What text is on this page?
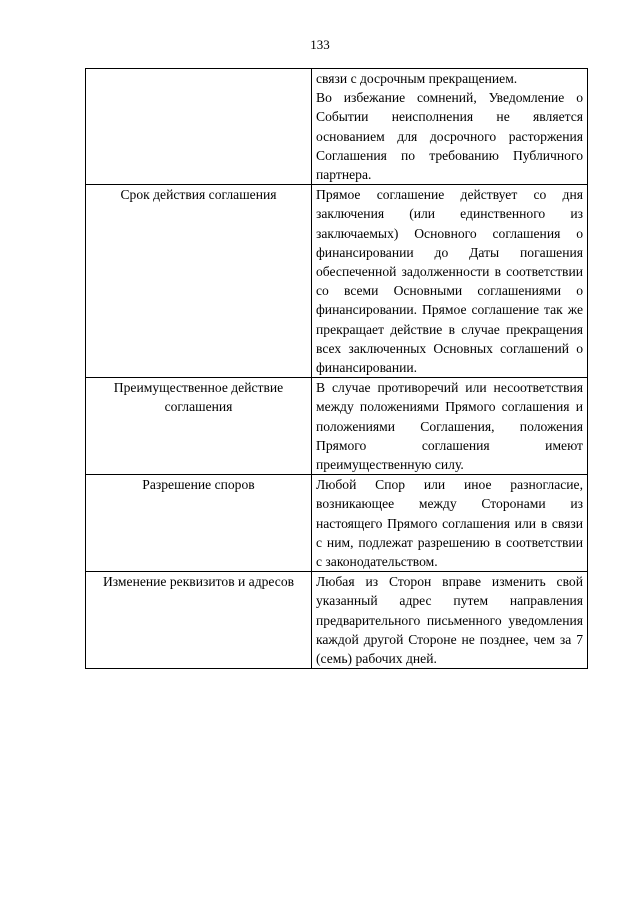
133

	связи с досрочным прекращением.

Во избежание сомнений, Уведомление о Событии неисполнения не является основанием для досрочного расторжения Соглашения по требованию Публичного партнера.

Срок действия соглашения	Прямое соглашение действует со дня заключения (или единственного из заключаемых) Основного соглашения о финансировании до Даты погашения обеспеченной задолженности в соответствии со всеми Основными соглашениями о финансировании. Прямое соглашение так же прекращает действие в случае прекращения всех заключенных Основных соглашений о финансировании.

Преимущественное действие соглашения	В случае противоречий или несоответствия между положениями Прямого соглашения и положениями Соглашения, положения Прямого соглашения имеют преимущественную силу.

Разрешение споров	Любой Спор или иное разногласие, возникающее между Сторонами из настоящего Прямого соглашения или в связи с ним, подлежат разрешению в соответствии с законодательством.

Изменение реквизитов и адресов	Любая из Сторон вправе изменить свой указанный адрес путем направления предварительного письменного уведомления каждой другой Стороне не позднее, чем за 7 (семь) рабочих дней.
